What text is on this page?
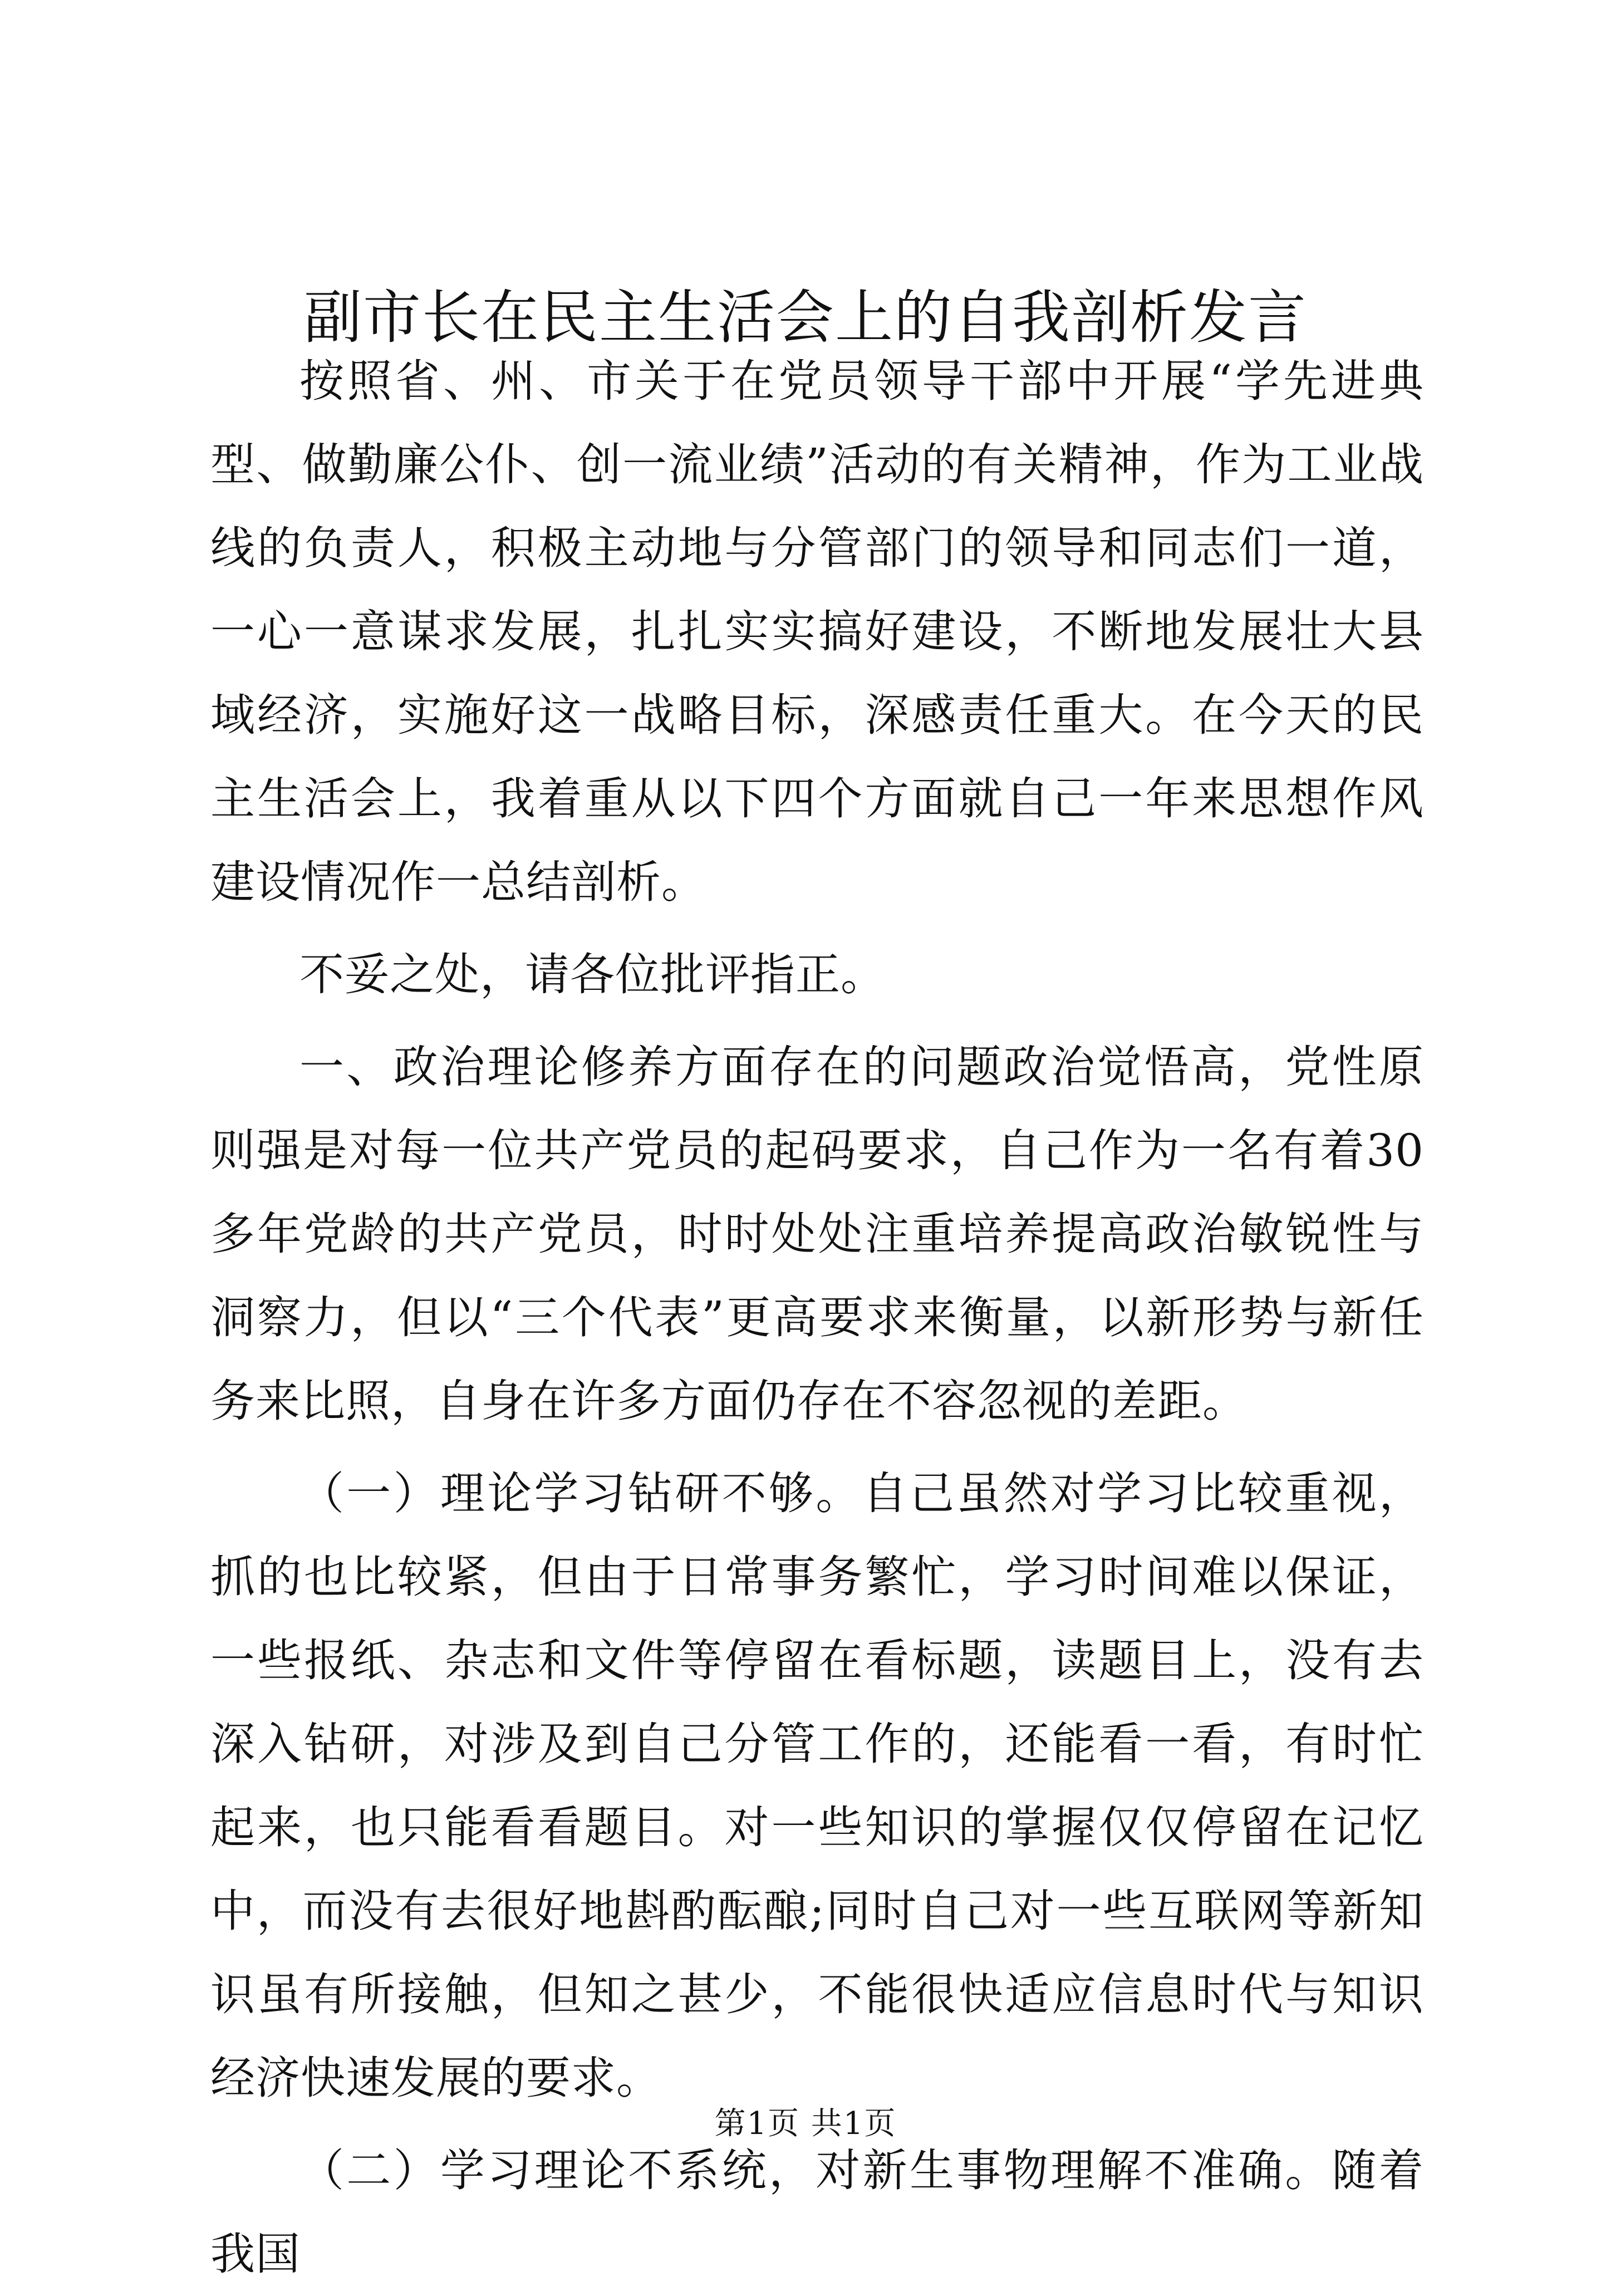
副市长在民主生活会上的自我剖析发言

按照省、州、市关于在党员领导干部中开展“学先进典型、做勤廉公仆、创一流业绩”活动的有关精神，作为工业战线的负责人，积极主动地与分管部门的领导和同志们一道，一心一意谋求发展，扎扎实实搞好建设，不断地发展壮大县域经济，实施好这一战略目标，深感责任重大。在今天的民主生活会上，我着重从以下四个方面就自己一年来思想作风建设情况作一总结剖析。

不妥之处，请各位批评指正。

一、政治理论修养方面存在的问题政治觉悟高，党性原则强是对每一位共产党员的起码要求，自己作为一名有着30多年党龄的共产党员，时时处处注重培养提高政治敏锐性与洞察力，但以“三个代表”更高要求来衡量，以新形势与新任务来比照，自身在许多方面仍存在不容忽视的差距。

（一）理论学习钻研不够。自己虽然对学习比较重视，抓的也比较紧，但由于日常事务繁忙，学习时间难以保证，一些报纸、杂志和文件等停留在看标题，读题目上，没有去深入钻研，对涉及到自己分管工作的，还能看一看，有时忙起来，也只能看看题目。对一些知识的掌握仅仅停留在记忆中，而没有去很好地斟酌酝酿;同时自己对一些互联网等新知识虽有所接触，但知之甚少，不能很快适应信息时代与知识经济快速发展的要求。

（二）学习理论不系统，对新生事物理解不准确。随着我国

第1页 共1页
